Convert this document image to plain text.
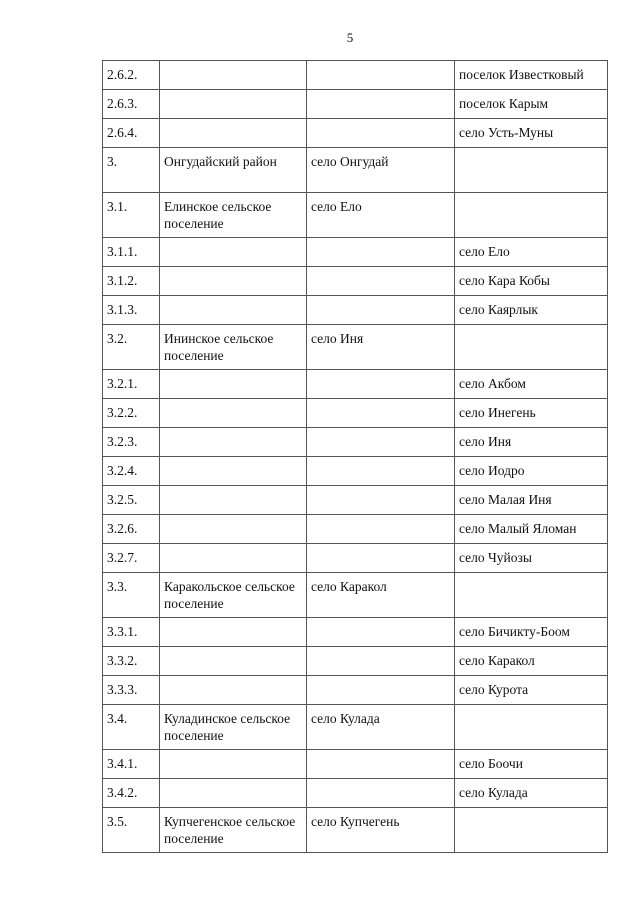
5
2.6.2.			поселок Известковый
2.6.3.			поселок Карым
2.6.4.			село Усть-Муны
3.	Онгудайский район	село Онгудай	
3.1.	Елинское сельское поселение	село Ело	
3.1.1.			село Ело
3.1.2.			село Кара Кобы
3.1.3.			село Каярлык
3.2.	Ининское сельское поселение	село Иня	
3.2.1.			село Акбом
3.2.2.			село Инегень
3.2.3.			село Иня
3.2.4.			село Иодро
3.2.5.			село Малая Иня
3.2.6.			село Малый Яломан
3.2.7.			село Чуйозы
3.3.	Каракольское сельское поселение	село Каракол	
3.3.1.			село Бичикту-Боом
3.3.2.			село Каракол
3.3.3.			село Курота
3.4.	Куладинское сельское поселение	село Кулада	
3.4.1.			село Боочи
3.4.2.			село Кулада
3.5.	Купчегенское сельское поселение	село Купчегень	
